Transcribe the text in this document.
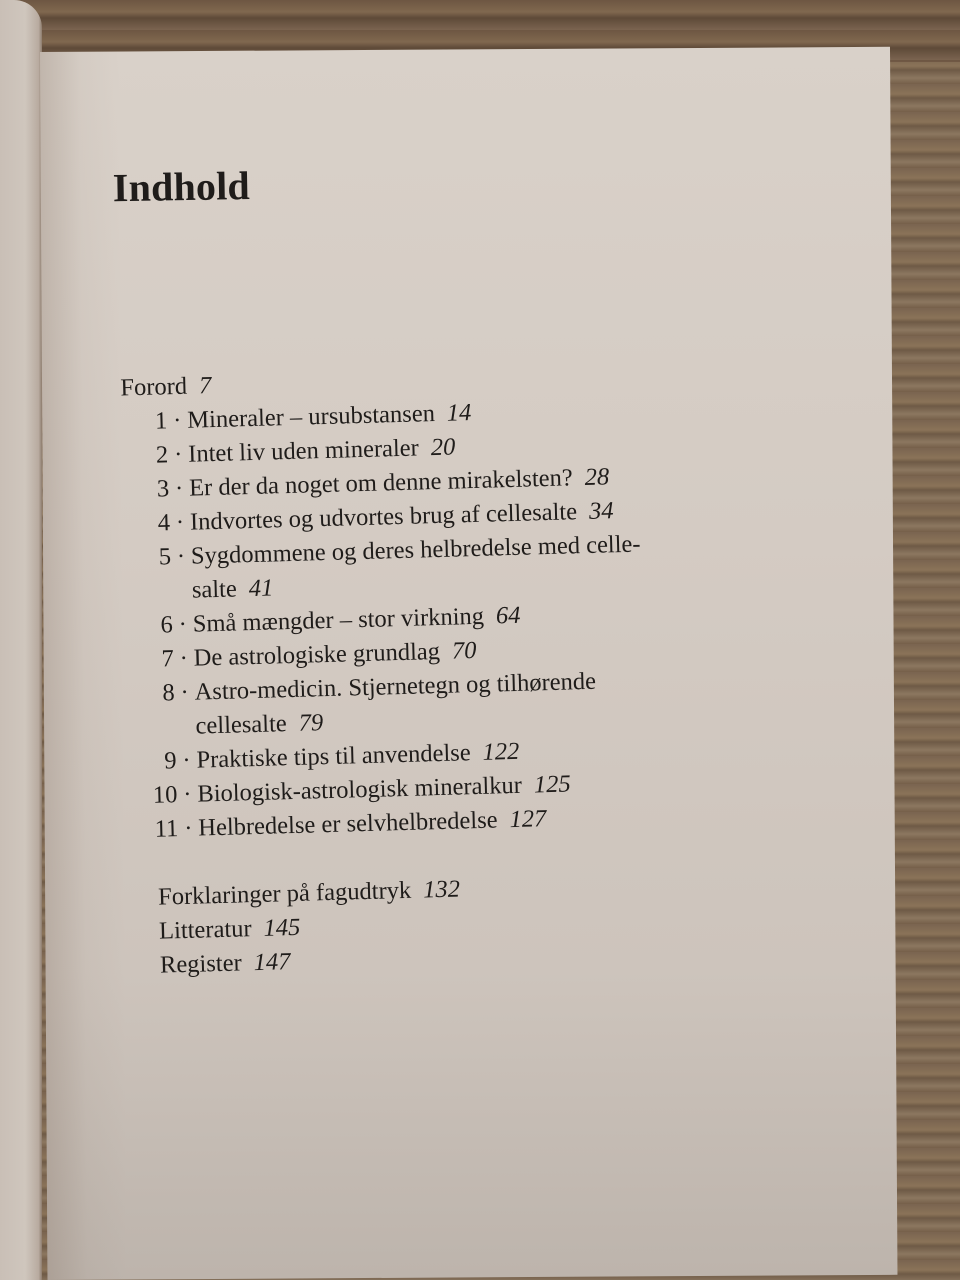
Indhold
Forord 7
1 · Mineraler – ursubstansen 14
2 · Intet liv uden mineraler 20
3 · Er der da noget om denne mirakelsten? 28
4 · Indvortes og udvortes brug af cellesalte 34
5 · Sygdommene og deres helbredelse med celle-
salte 41
6 · Små mængder – stor virkning 64
7 · De astrologiske grundlag 70
8 · Astro-medicin. Stjernetegn og tilhørende
cellesalte 79
9 · Praktiske tips til anvendelse 122
10 · Biologisk-astrologisk mineralkur 125
11 · Helbredelse er selvhelbredelse 127
Forklaringer på fagudtryk 132
Litteratur 145
Register 147
